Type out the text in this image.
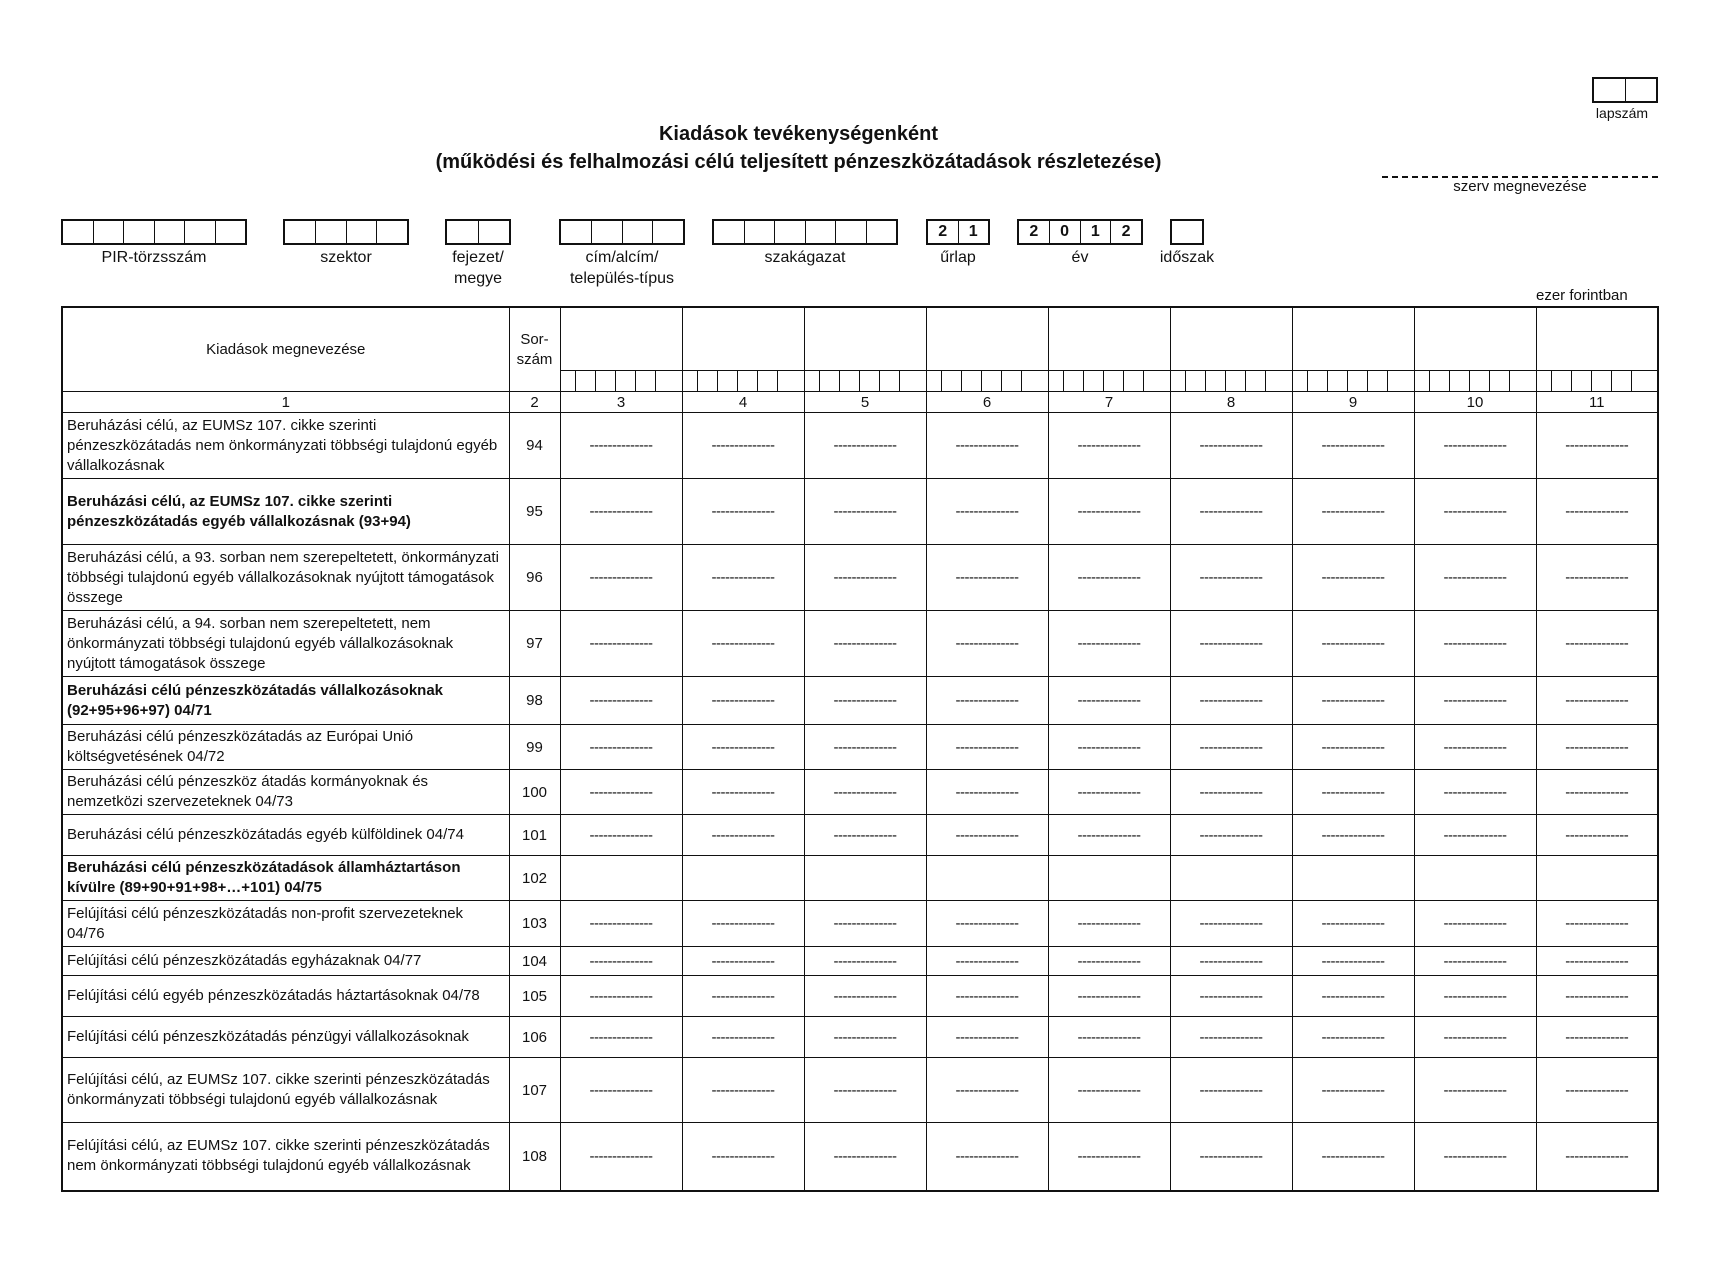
Kiadások tevékenységenként
(működési és felhalmozási célú teljesített pénzeszközátadások részletezése)
lapszám
szerv megnevezése
PIR-törzsszám	szektor	fejezet/
megye
cím/alcím/
település-típus
szakágazat
2	1
űrlap
2	0	1	2
év	időszak
ezer forintban
Kiadások megnevezése	Sor-
szám									

1	2	3	4	5	6	7	8	9	10	11
Beruházási célú, az EUMSz 107. cikke szerinti pénzeszközátadás nem önkormányzati többségi tulajdonú egyéb vállalkozásnak	94	--------------	--------------	--------------	--------------	--------------	--------------	--------------	--------------	--------------
Beruházási célú, az EUMSz 107. cikke szerinti pénzeszközátadás egyéb vállalkozásnak (93+94)	95	--------------	--------------	--------------	--------------	--------------	--------------	--------------	--------------	--------------
Beruházási célú, a 93. sorban nem szerepeltetett, önkormányzati többségi tulajdonú egyéb vállalkozásoknak nyújtott támogatások összege	96	--------------	--------------	--------------	--------------	--------------	--------------	--------------	--------------	--------------
Beruházási célú, a 94. sorban nem szerepeltetett, nem önkormányzati többségi tulajdonú egyéb vállalkozásoknak nyújtott támogatások összege	97	--------------	--------------	--------------	--------------	--------------	--------------	--------------	--------------	--------------
Beruházási célú pénzeszközátadás vállalkozásoknak (92+95+96+97) 04/71	98	--------------	--------------	--------------	--------------	--------------	--------------	--------------	--------------	--------------
Beruházási célú pénzeszközátadás az Európai Unió költségvetésének 04/72	99	--------------	--------------	--------------	--------------	--------------	--------------	--------------	--------------	--------------
Beruházási célú pénzeszköz átadás kormányoknak és nemzetközi szervezeteknek 04/73	100	--------------	--------------	--------------	--------------	--------------	--------------	--------------	--------------	--------------
Beruházási célú pénzeszközátadás egyéb külföldinek 04/74	101	--------------	--------------	--------------	--------------	--------------	--------------	--------------	--------------	--------------
Beruházási célú pénzeszközátadások államháztartáson kívülre (89+90+91+98+…+101) 04/75	102									
Felújítási célú pénzeszközátadás non-profit szervezeteknek 04/76	103	--------------	--------------	--------------	--------------	--------------	--------------	--------------	--------------	--------------
Felújítási célú pénzeszközátadás egyházaknak 04/77	104	--------------	--------------	--------------	--------------	--------------	--------------	--------------	--------------	--------------
Felújítási célú egyéb pénzeszközátadás háztartásoknak 04/78	105	--------------	--------------	--------------	--------------	--------------	--------------	--------------	--------------	--------------
Felújítási célú pénzeszközátadás pénzügyi vállalkozásoknak	106	--------------	--------------	--------------	--------------	--------------	--------------	--------------	--------------	--------------
Felújítási célú, az EUMSz 107. cikke szerinti pénzeszközátadás önkormányzati többségi tulajdonú egyéb vállalkozásnak	107	--------------	--------------	--------------	--------------	--------------	--------------	--------------	--------------	--------------
Felújítási célú, az EUMSz 107. cikke szerinti pénzeszközátadás nem önkormányzati többségi tulajdonú egyéb vállalkozásnak	108	--------------	--------------	--------------	--------------	--------------	--------------	--------------	--------------	--------------
